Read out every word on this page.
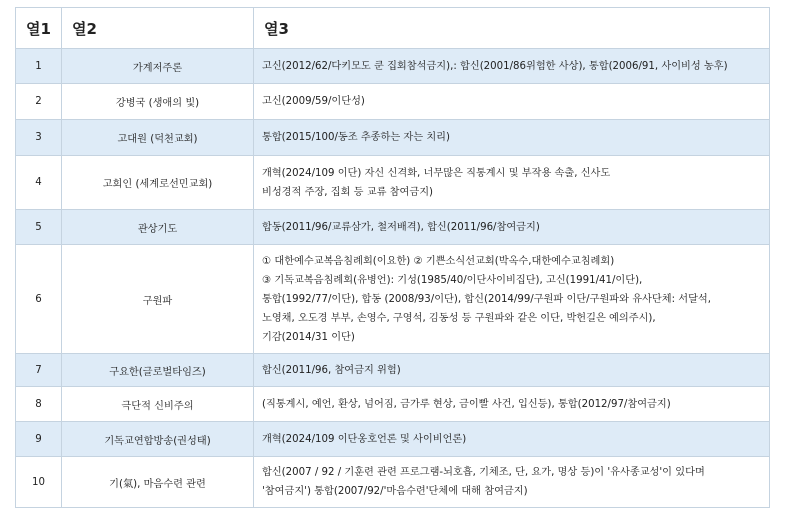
열1	열2	열3
1	가계저주론	고신(2012/62/다키모도 쿤 집회참석금지),: 합신(2001/86위험한 사상), 통합(2006/91, 사이비성 농후)

2	강병국 (생애의 빛)	고신(2009/59/이단성)

3	고대원 (덕천교회)	통합(2015/100/동조 추종하는 자는 치리)

4	고희인 (세계로선민교회)	개혁(2024/109 이단) 자신 신격화, 너무많은 직통계시 및 부작용 속출, 신사도
비성경적 주장, 집회 등 교류 참여금지)

5	관상기도	합동(2011/96/교류삼가, 철저배격), 합신(2011/96/참여금지)

6	구원파	① 대한예수교복음침례회(이요한) ② 기쁜소식선교회(박옥수,대한예수교침례회)
③ 기독교복음침례회(유병언): 기성(1985/40/이단사이비집단), 고신(1991/41/이단),
통합(1992/77/이단), 합동 (2008/93/이단), 합신(2014/99/구원파 이단/구원파와 유사단체: 서달석,
노영채, 오도경 부부, 손영수, 구영석, 김동성 등 구원파와 같은 이단, 박헌길은 예의주시),
기감(2014/31 이단)

7	구요한(글로벌타임즈)	합신(2011/96, 참여금지 위험)

8	극단적 신비주의	(직통계시, 예언, 환상, 넘어짐, 금가루 현상, 금이빨 사건, 입신등), 통합(2012/97/참여금지)

9	기독교연합방송(권성태)	개혁(2024/109 이단옹호언론 및 사이비언론)

10	기(氣), 마음수련 관련	합신(2007 / 92 / 기훈련 관련 프로그램-뇌호흡, 기체조, 단, 요가, 명상 등)이 '유사종교성'이 있다며
'참여금지') 통합(2007/92/'마음수련'단체에 대해 참여금지)
